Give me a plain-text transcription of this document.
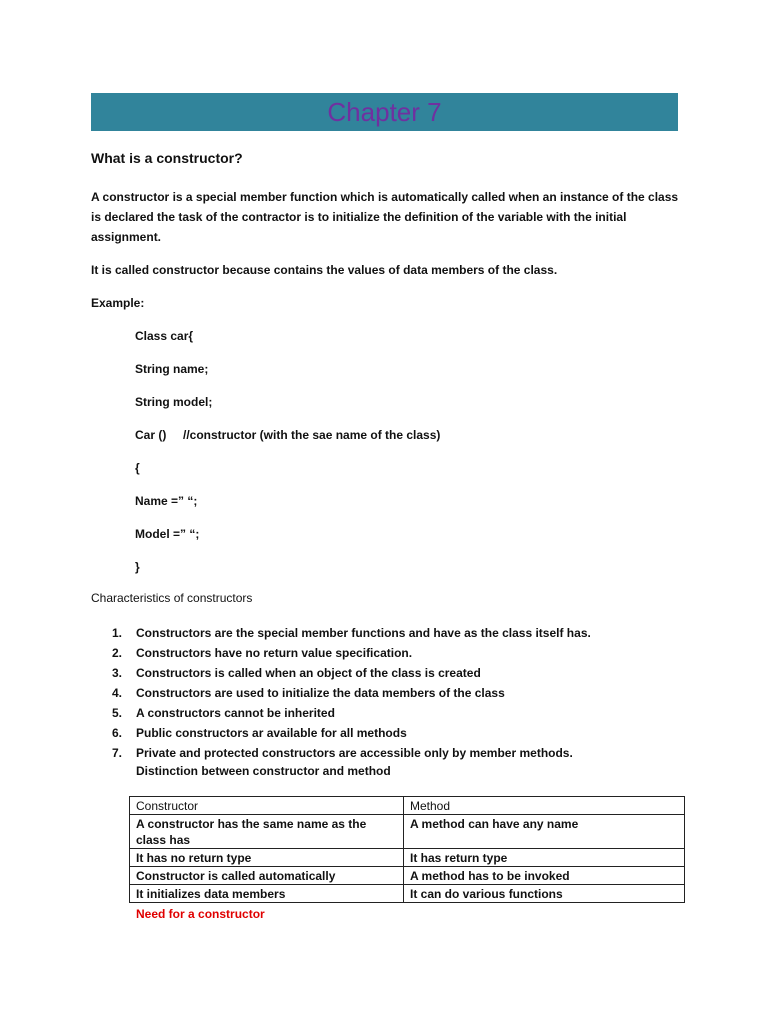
Chapter 7
What is a constructor?
A constructor is a special member function which is automatically called when an instance of the class is declared the task of the contractor is to initialize the definition of the variable with the initial assignment.
It is called constructor because contains the values of data members of the class.
Example:
Class car{
String name;
String model;
Car ()     //constructor (with the sae name of the class)
{
Name =” “;
Model =” “;
}
Characteristics of constructors
1. Constructors are the special member functions and have as the class itself has.
2. Constructors have no return value specification.
3. Constructors is called when an object of the class is created
4. Constructors are used to initialize the data members of the class
5. A constructors cannot be inherited
6. Public constructors ar available for all methods
7. Private and protected constructors are accessible only by member methods.
Distinction between constructor and method
Constructor	Method
A constructor has the same name as the class has	A method can have any name
It has no return type	It has return type
Constructor is called automatically	A method has to be invoked
It initializes data members	It can do various functions
Need for a constructor
